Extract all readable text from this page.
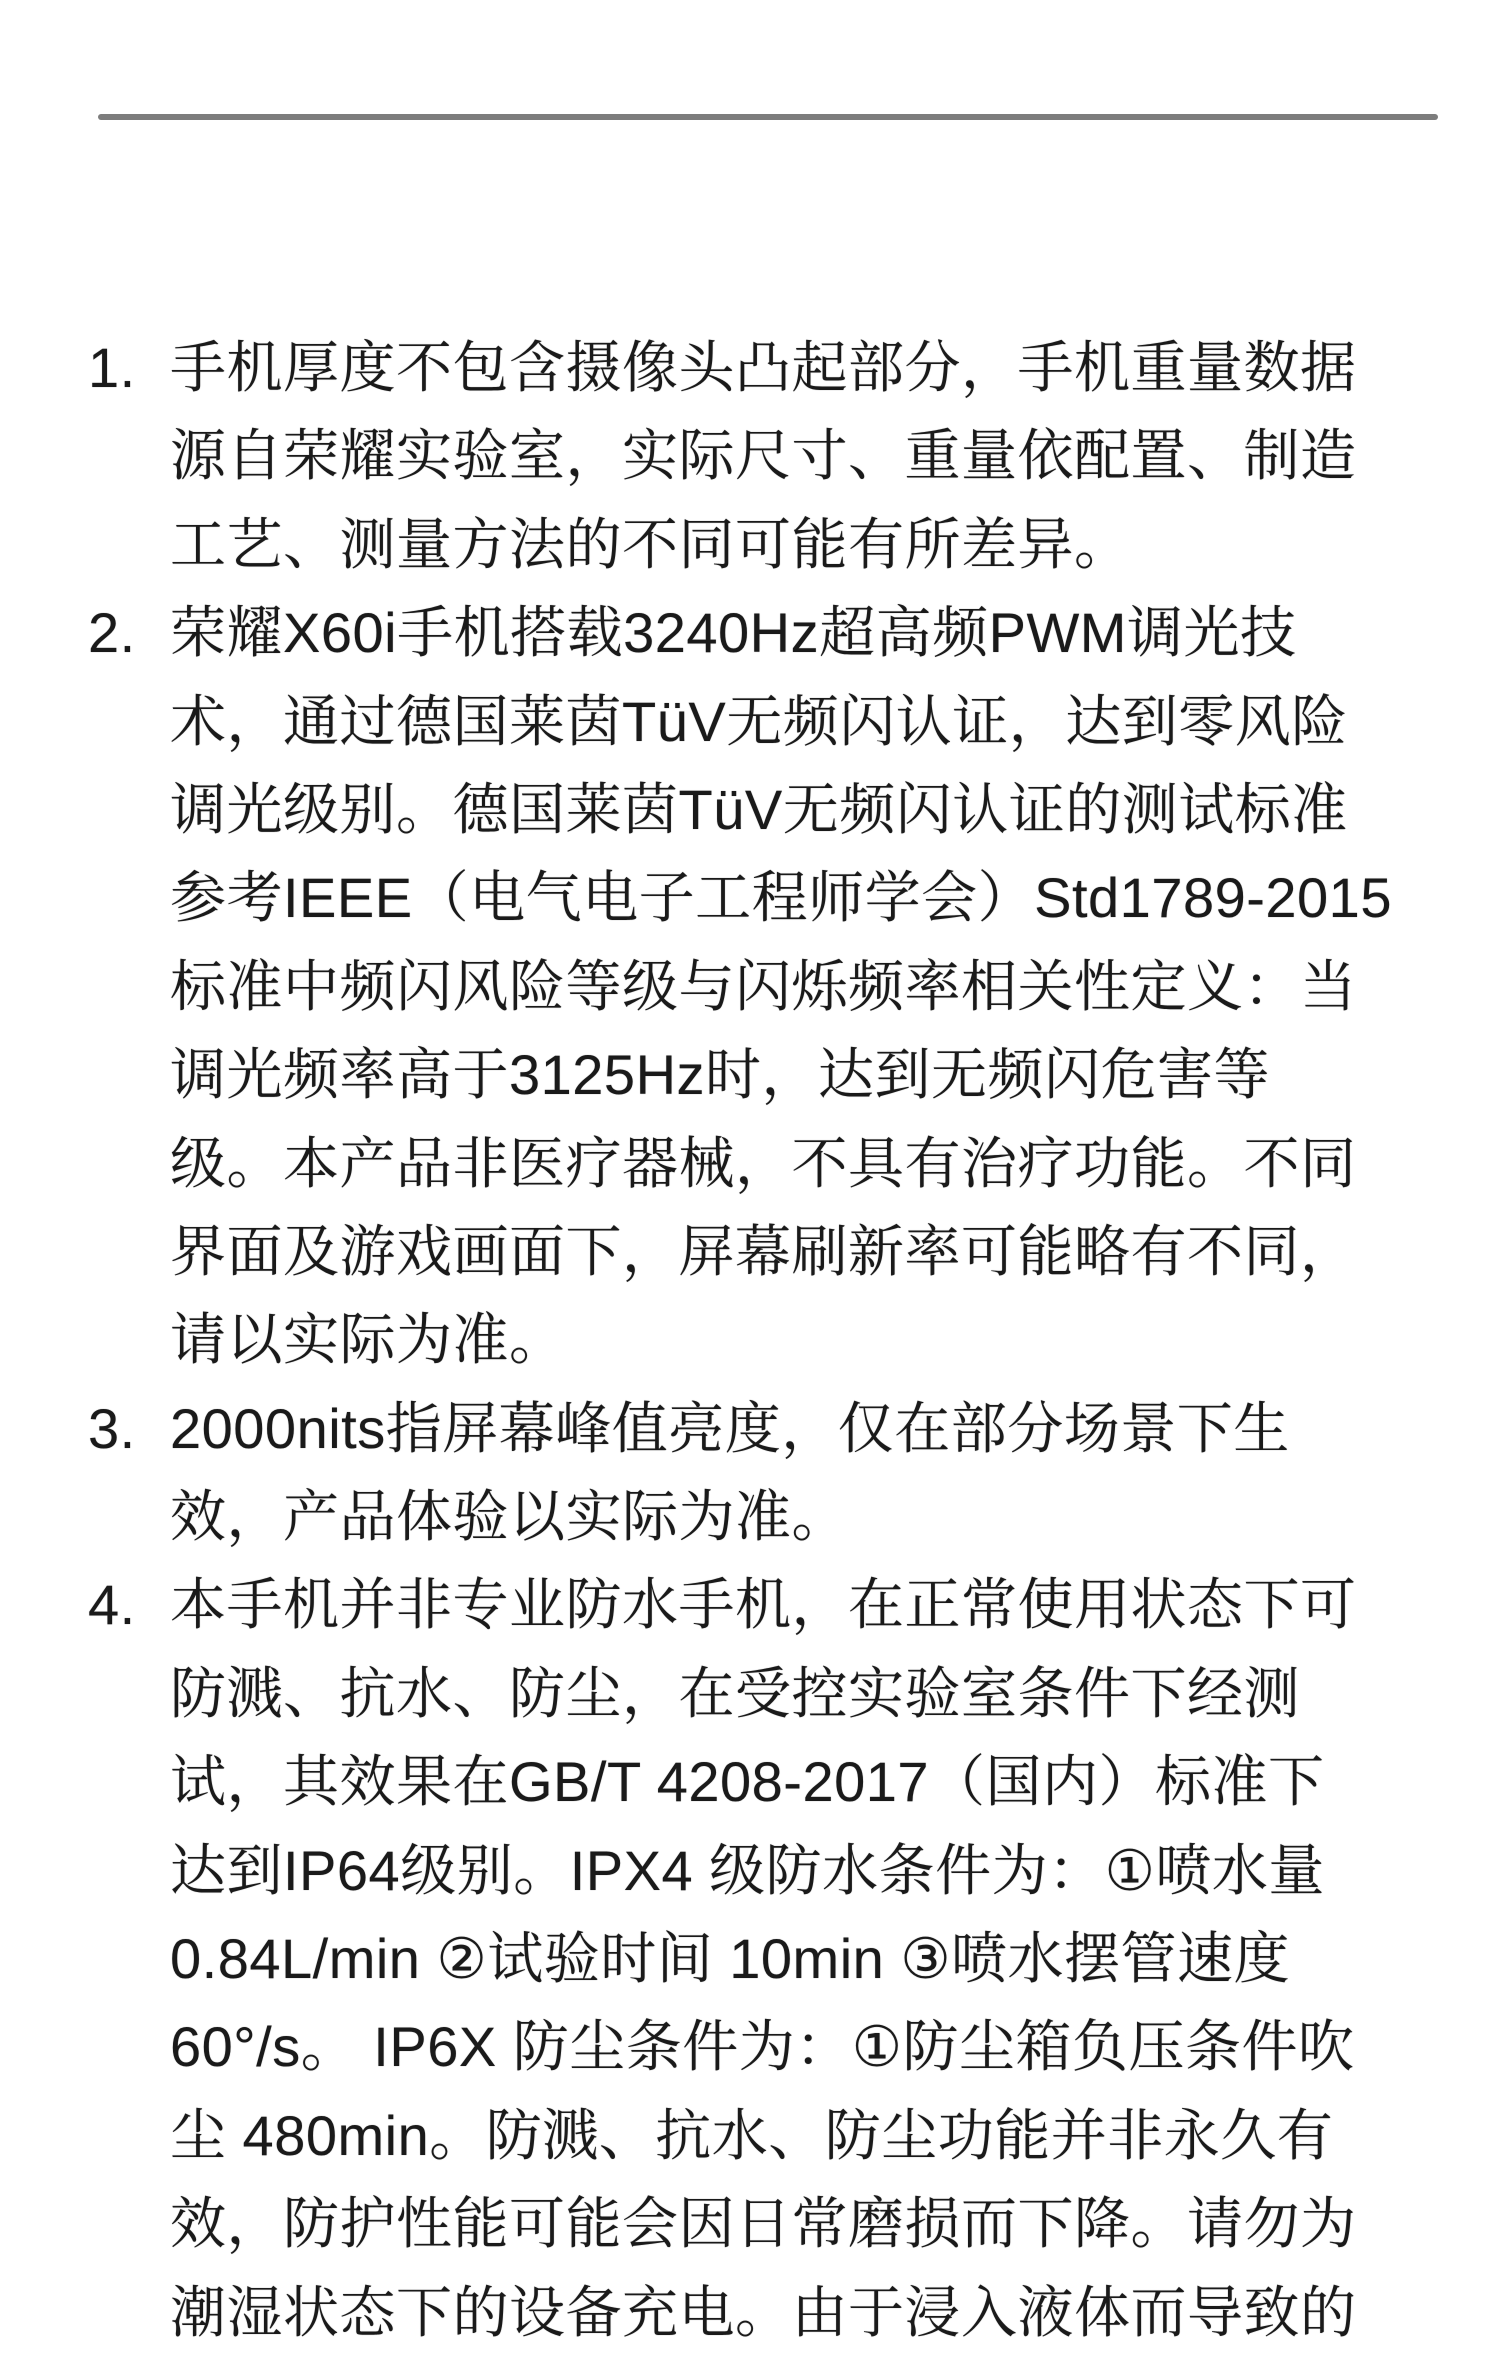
1. 手机厚度不包含摄像头凸起部分，手机重量数据
源自荣耀实验室，实际尺寸、重量依配置、制造
工艺、测量方法的不同可能有所差异。
2. 荣耀X60i手机搭载3240Hz超高频PWM调光技
术，通过德国莱茵TüV无频闪认证，达到零风险
调光级别。德国莱茵TüV无频闪认证的测试标准
参考IEEE（电气电子工程师学会）Std1789-2015
标准中频闪风险等级与闪烁频率相关性定义：当
调光频率高于3125Hz时，达到无频闪危害等
级。本产品非医疗器械，不具有治疗功能。不同
界面及游戏画面下，屏幕刷新率可能略有不同，
请以实际为准。
3. 2000nits指屏幕峰值亮度，仅在部分场景下生
效，产品体验以实际为准。
4. 本手机并非专业防水手机，在正常使用状态下可
防溅、抗水、防尘，在受控实验室条件下经测
试，其效果在GB/T 4208-2017（国内）标准下
达到IP64级别。IPX4 级防水条件为：①喷水量
0.84L/min ②试验时间 10min ③喷水摆管速度
60°/s。 IP6X 防尘条件为：①防尘箱负压条件吹
尘 480min。防溅、抗水、防尘功能并非永久有
效，防护性能可能会因日常磨损而下降。请勿为
潮湿状态下的设备充电。由于浸入液体而导致的
